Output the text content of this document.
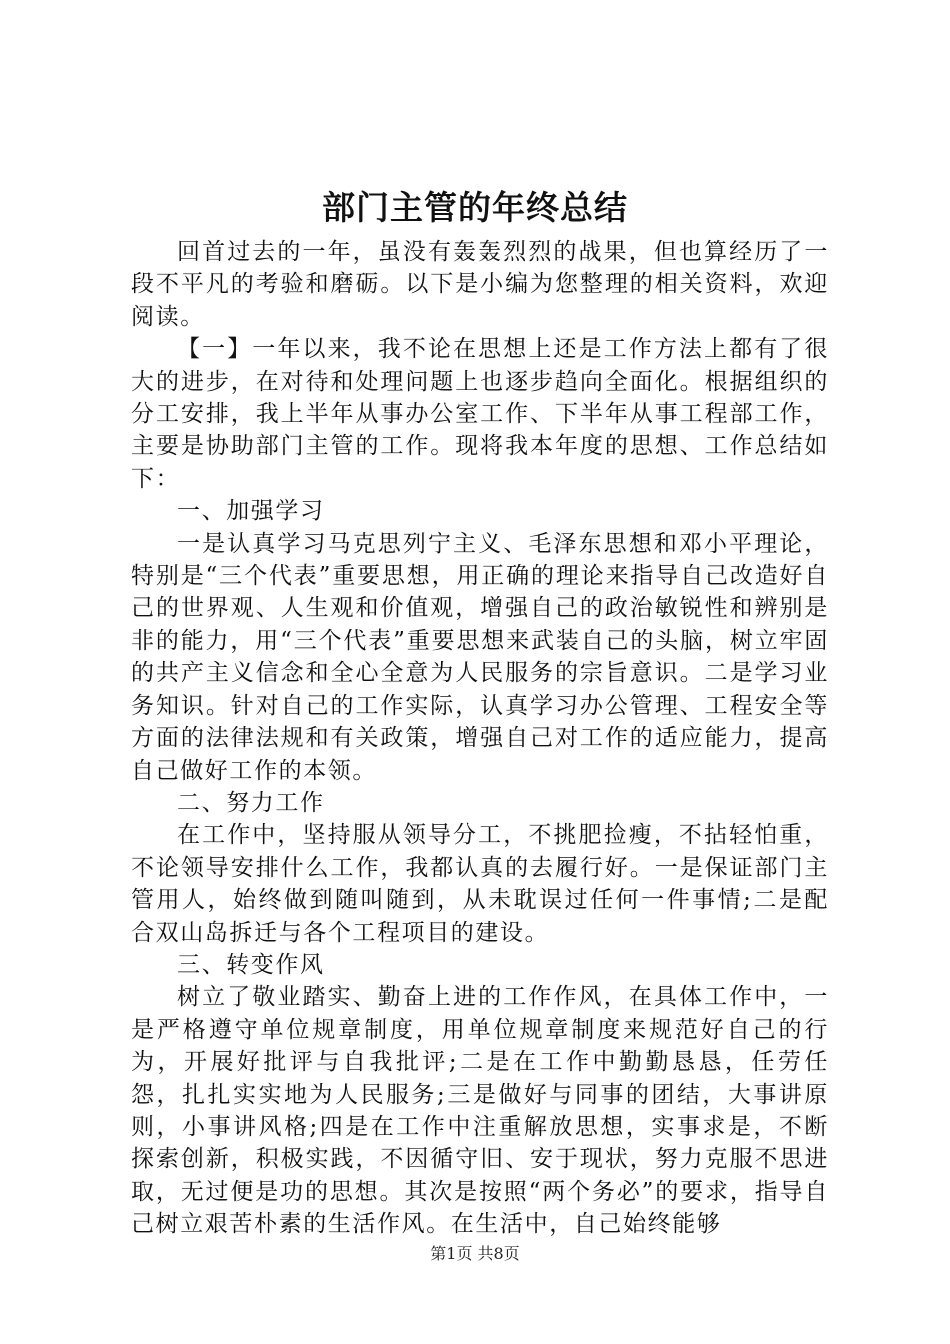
部门主管的年终总结

回首过去的一年，虽没有轰轰烈烈的战果，但也算经历了一段不平凡的考验和磨砺。以下是小编为您整理的相关资料，欢迎阅读。

【一】一年以来，我不论在思想上还是工作方法上都有了很大的进步，在对待和处理问题上也逐步趋向全面化。根据组织的分工安排，我上半年从事办公室工作、下半年从事工程部工作，主要是协助部门主管的工作。现将我本年度的思想、工作总结如下：

一、加强学习

一是认真学习马克思列宁主义、毛泽东思想和邓小平理论，特别是“三个代表”重要思想，用正确的理论来指导自己改造好自己的世界观、人生观和价值观，增强自己的政治敏锐性和辨别是非的能力，用“三个代表”重要思想来武装自己的头脑，树立牢固的共产主义信念和全心全意为人民服务的宗旨意识。二是学习业务知识。针对自己的工作实际，认真学习办公管理、工程安全等方面的法律法规和有关政策，增强自己对工作的适应能力，提高自己做好工作的本领。

二、努力工作

在工作中，坚持服从领导分工，不挑肥捡瘦，不拈轻怕重，不论领导安排什么工作，我都认真的去履行好。一是保证部门主管用人，始终做到随叫随到，从未耽误过任何一件事情;二是配合双山岛拆迁与各个工程项目的建设。

三、转变作风

树立了敬业踏实、勤奋上进的工作作风，在具体工作中，一是严格遵守单位规章制度，用单位规章制度来规范好自己的行为，开展好批评与自我批评;二是在工作中勤勤恳恳，任劳任怨，扎扎实实地为人民服务;三是做好与同事的团结，大事讲原则，小事讲风格;四是在工作中注重解放思想，实事求是，不断探索创新，积极实践，不因循守旧、安于现状，努力克服不思进取，无过便是功的思想。其次是按照“两个务必”的要求，指导自己树立艰苦朴素的生活作风。在生活中，自己始终能够

第1页 共8页
